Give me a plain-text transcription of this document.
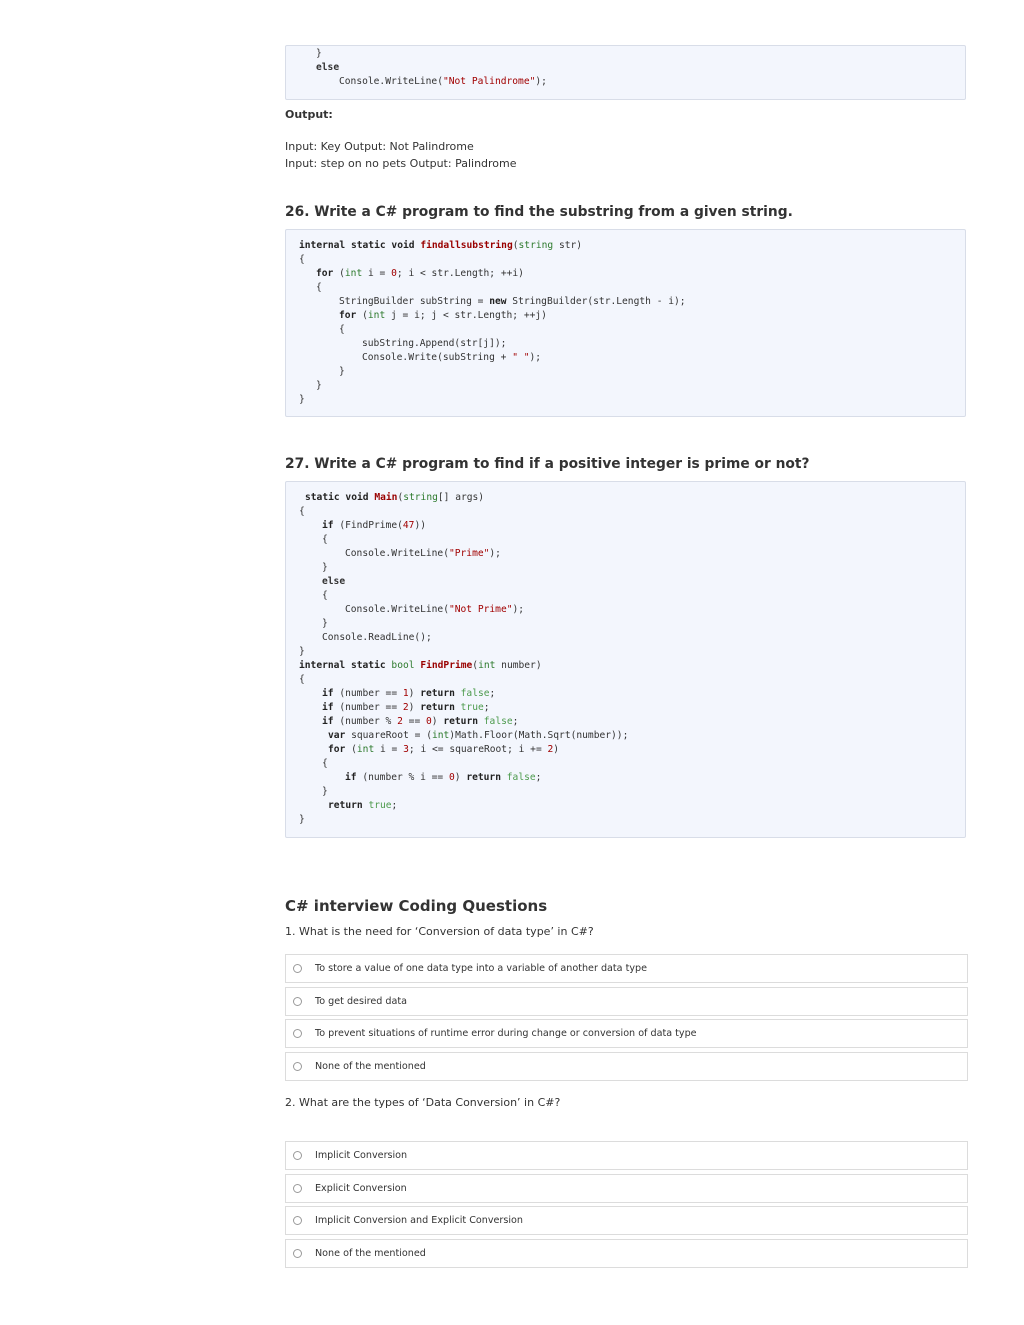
}
else
Console.WriteLine("Not Palindrome");
Output:
Input: Key Output: Not Palindrome
Input: step on no pets Output: Palindrome
26. Write a C# program to find the substring from a given string.
internal static void findallsubstring(string str)
{
for (int i = 0; i < str.Length; ++i)
{
StringBuilder subString = new StringBuilder(str.Length - i);
for (int j = i; j < str.Length; ++j)
{
subString.Append(str[j]);
Console.Write(subString + " ");
}
}
}
27. Write a C# program to find if a positive integer is prime or not?
static void Main(string[] args)
{
if (FindPrime(47))
{
Console.WriteLine("Prime");
}
else
{
Console.WriteLine("Not Prime");
}
Console.ReadLine();
}
internal static bool FindPrime(int number)
{
if (number == 1) return false;
if (number == 2) return true;
if (number % 2 == 0) return false;
var squareRoot = (int)Math.Floor(Math.Sqrt(number));
for (int i = 3; i <= squareRoot; i += 2)
{
if (number % i == 0) return false;
}
return true;
}
C# interview Coding Questions
1. What is the need for ‘Conversion of data type’ in C#?
To store a value of one data type into a variable of another data type
To get desired data
To prevent situations of runtime error during change or conversion of data type
None of the mentioned
2. What are the types of ‘Data Conversion’ in C#?
Implicit Conversion
Explicit Conversion
Implicit Conversion and Explicit Conversion
None of the mentioned
